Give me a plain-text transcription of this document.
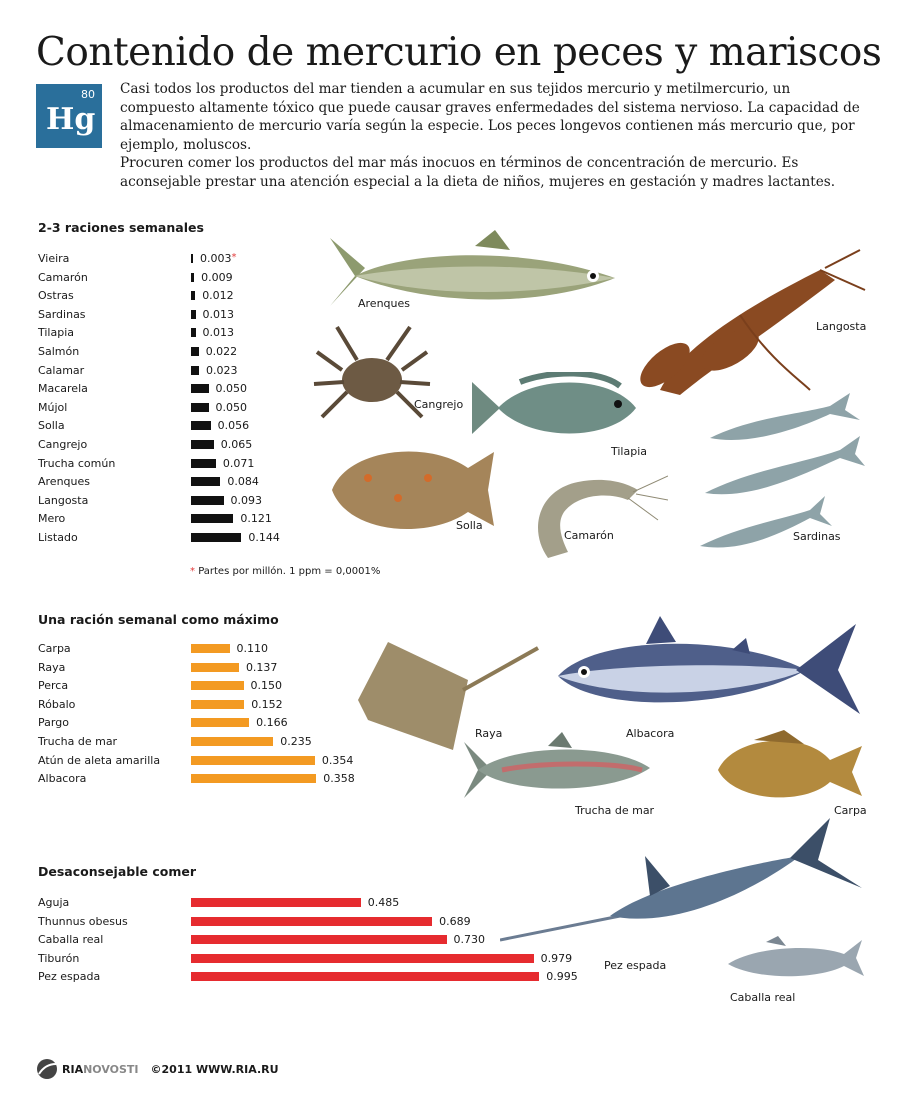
Contenido de mercurio en peces y mariscos
80
Hg

Casi todos los productos del mar tienden a acumular en sus tejidos mercurio y metilmercurio, un compuesto altamente tóxico que puede causar graves enfermedades del sistema nervioso. La capacidad de almacenamiento de mercurio varía según la especie. Los peces longevos contienen más mercurio que, por ejemplo, moluscos.

Procuren comer los productos del mar más inocuos en términos de concentración de mercurio. Es aconsejable prestar una atención especial a la dieta de niños, mujeres en gestación y madres lactantes.

2-3 raciones semanales
Una ración semanal como máximo
Desaconsejable comer
Vieira	0.003*
Camarón	0.009
Ostras	0.012
Sardinas	0.013
Tilapia	0.013
Salmón	0.022
Calamar	0.023
Macarela	0.050
Mújol	0.050
Solla	0.056
Cangrejo	0.065
Trucha común	0.071
Arenques	0.084
Langosta	0.093
Mero	0.121
Listado	0.144
Carpa	0.110
Raya	0.137
Perca	0.150
Róbalo	0.152
Pargo	0.166
Trucha de mar	0.235
Atún de aleta amarilla	0.354
Albacora	0.358
Aguja	0.485
Thunnus obesus	0.689
Caballa real	0.730
Tiburón	0.979
Pez espada	0.995
* Partes por millón. 1 ppm = 0,0001%
Arenques
Langosta
Cangrejo
Tilapia
Sardinas
Solla
Camarón
Raya	Albacora
Trucha de mar	Carpa
Pez espada
Caballa real
RIANOVOSTI ©2011 WWW.RIA.RU
